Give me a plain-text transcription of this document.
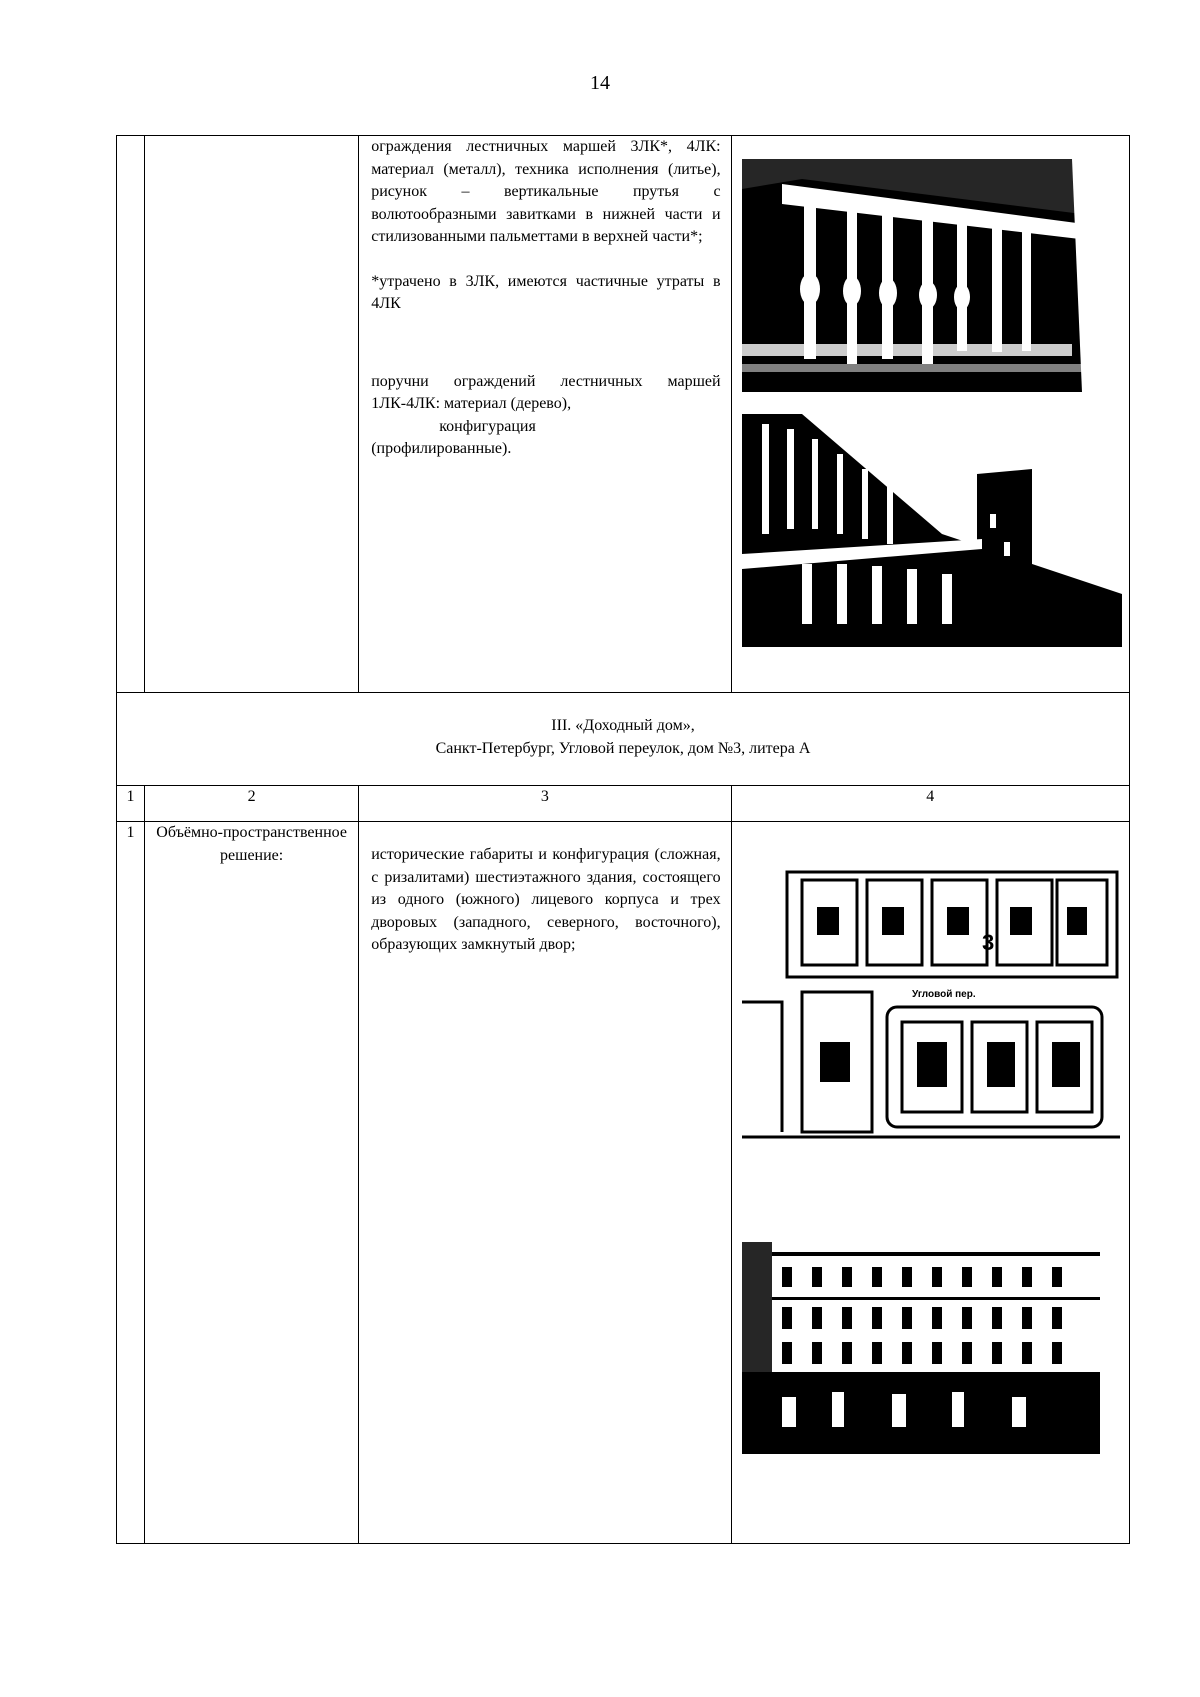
14

		ограждения лестничных маршей 3ЛК*, 4ЛК: материал (металл), техника исполнения (литье), рисунок – вертикальные прутья с волютообразными завитками в нижней части и стилизованными пальметтами в верхней части*;
*утрачено в 3ЛК, имеются частичные утраты в 4ЛК
поручни ограждений лестничных маршей 1ЛК-4ЛК: материал (дерево),
конфигурация
(профилированные).

III. «Доходный дом»,
Санкт-Петербург, Угловой переулок, дом №3, литера А			

1	2	3	4
1	Объёмно-пространственное решение:	исторические габариты и конфигурация (сложная, с ризалитами) шестиэтажного здания, состоящего из одного (южного) лицевого корпуса и трех дворовых (западного, северного, восточного), образующих замкнутый двор;	3
Угловой пер.
